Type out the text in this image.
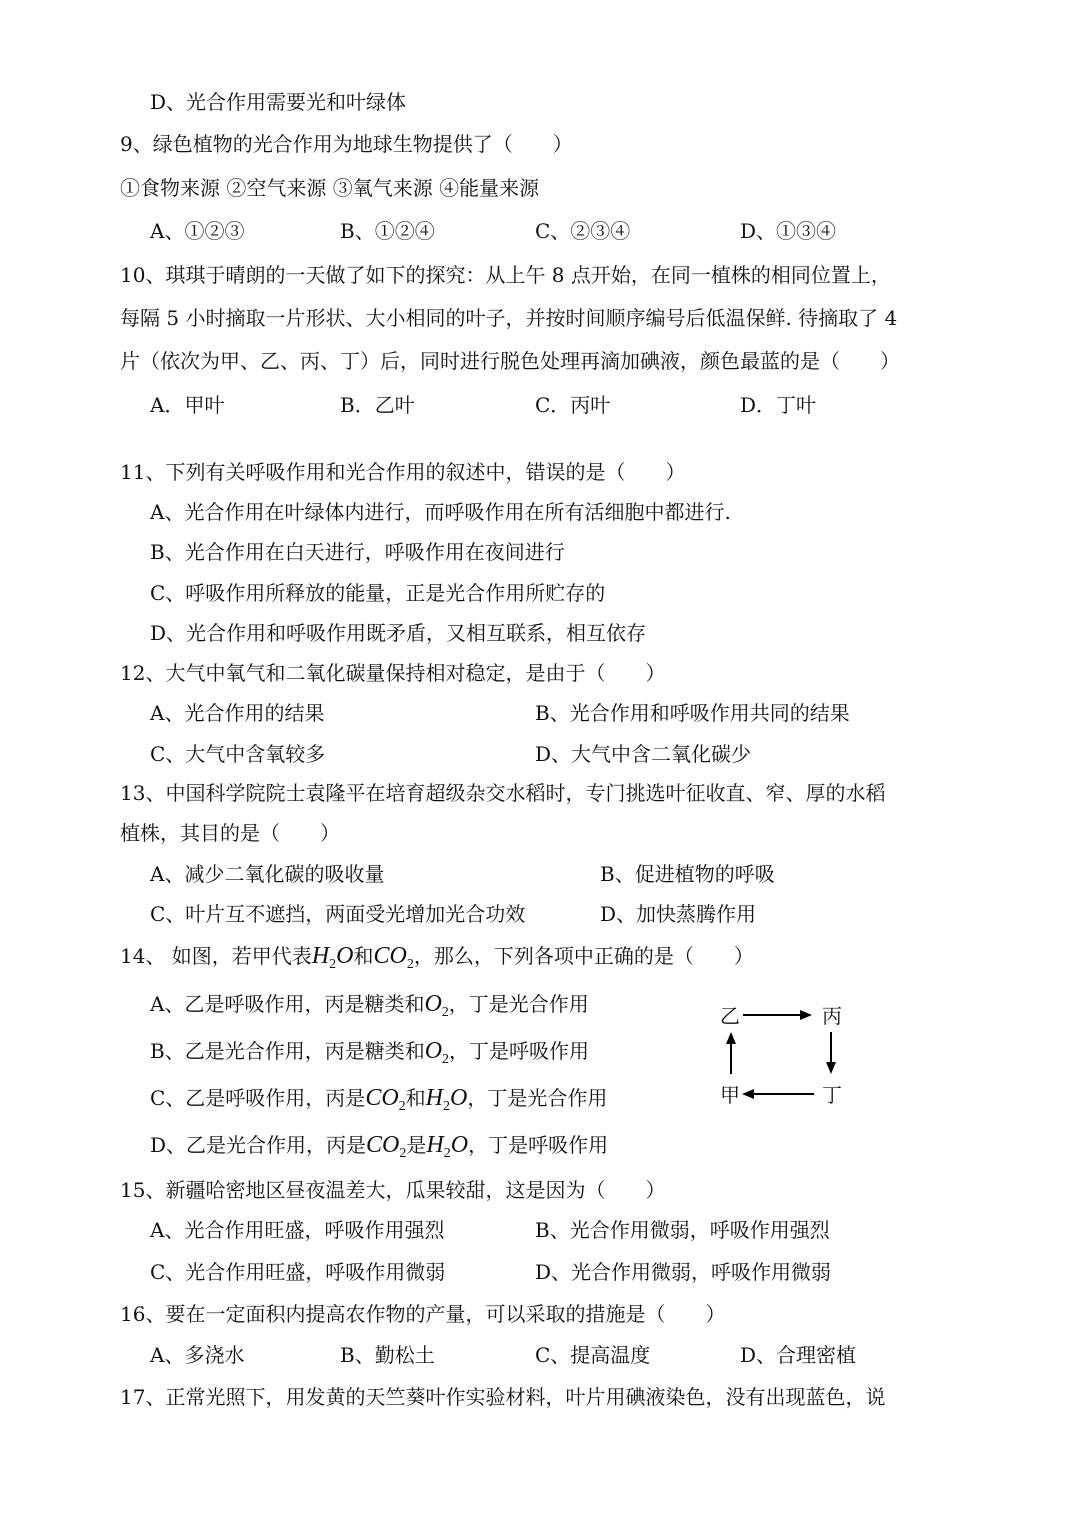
D、光合作用需要光和叶绿体
9、绿色植物的光合作用为地球生物提供了（　　）
①食物来源 ②空气来源 ③氧气来源 ④能量来源
A、①②③	B、①②④	C、②③④	D、①③④
10、琪琪于晴朗的一天做了如下的探究：从上午 8 点开始，在同一植株的相同位置上，
每隔 5 小时摘取一片形状、大小相同的叶子，并按时间顺序编号后低温保鲜. 待摘取了 4
片（依次为甲、乙、丙、丁）后，同时进行脱色处理再滴加碘液，颜色最蓝的是（　　）
A．甲叶	B．乙叶	C．丙叶	D．丁叶
11、下列有关呼吸作用和光合作用的叙述中，错误的是（　　）
A、光合作用在叶绿体内进行，而呼吸作用在所有活细胞中都进行.
B、光合作用在白天进行，呼吸作用在夜间进行
C、呼吸作用所释放的能量，正是光合作用所贮存的
D、光合作用和呼吸作用既矛盾，又相互联系，相互依存
12、大气中氧气和二氧化碳量保持相对稳定，是由于（　　）
A、光合作用的结果	B、光合作用和呼吸作用共同的结果
C、大气中含氧较多	D、大气中含二氧化碳少
13、中国科学院院士袁隆平在培育超级杂交水稻时，专门挑选叶征收直、窄、厚的水稻
植株，其目的是（　　）
A、减少二氧化碳的吸收量	B、促进植物的呼吸
C、叶片互不遮挡，两面受光增加光合功效	D、加快蒸腾作用
14、 如图，若甲代表$H_2O$和$CO_2$，那么，下列各项中正确的是（　　）
A、乙是呼吸作用，丙是糖类和$O_2$，丁是光合作用
B、乙是光合作用，丙是糖类和$O_2$，丁是呼吸作用
C、乙是呼吸作用，丙是$CO_2$和$H_2O$，丁是光合作用
D、乙是光合作用，丙是$CO_2$是$H_2O$，丁是呼吸作用
乙	丙
甲	丁
15、新疆哈密地区昼夜温差大，瓜果较甜，这是因为（　　）
A、光合作用旺盛，呼吸作用强烈	B、光合作用微弱，呼吸作用强烈
C、光合作用旺盛，呼吸作用微弱	D、光合作用微弱，呼吸作用微弱
16、要在一定面积内提高农作物的产量，可以采取的措施是（　　）
A、多浇水	B、勤松土	C、提高温度	D、合理密植
17、正常光照下，用发黄的天竺葵叶作实验材料，叶片用碘液染色，没有出现蓝色，说
